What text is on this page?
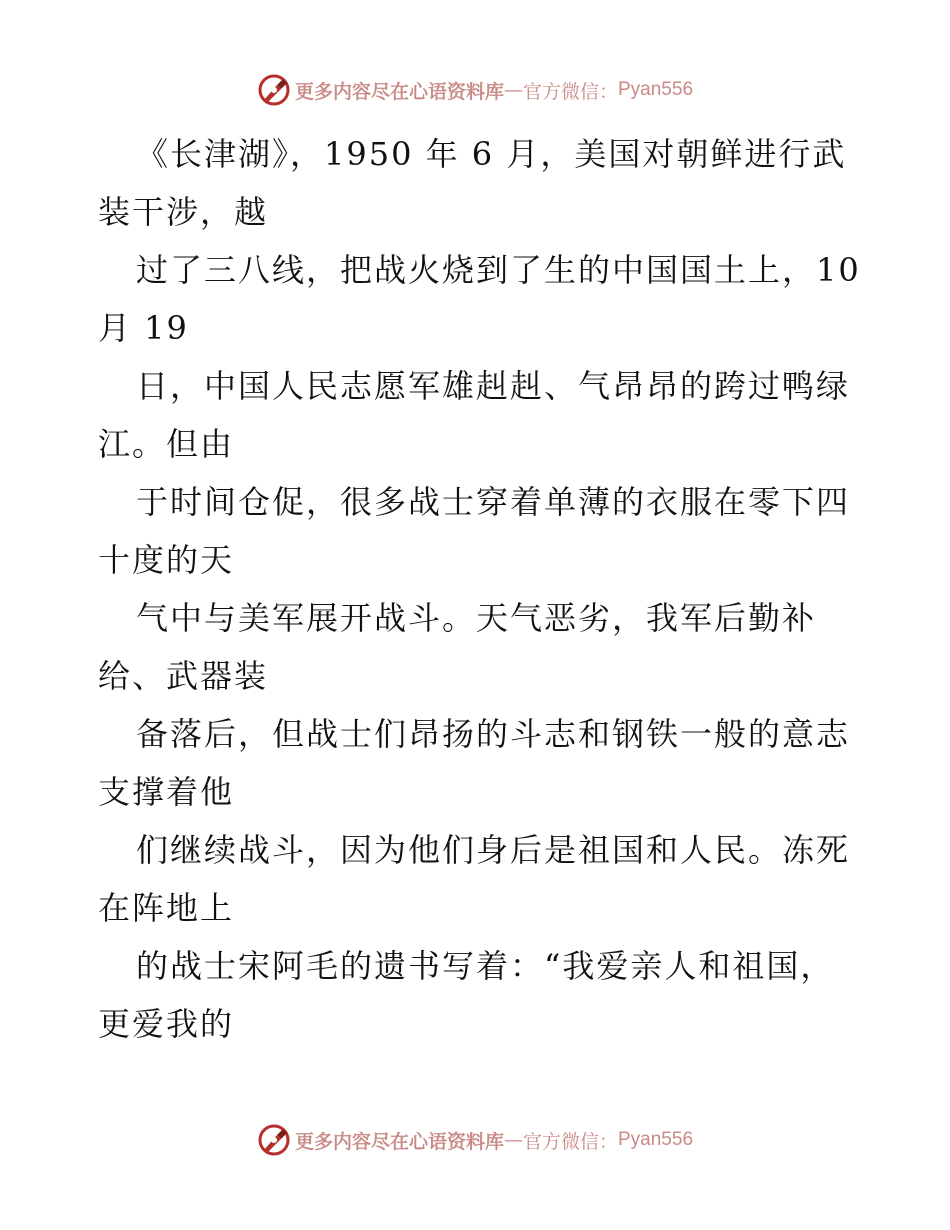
更多内容尽在心语资料库 — 官方微信： Pyan556
《长津湖》，1950 年 6 月，美国对朝鲜进行武
装干涉，越
过了三八线，把战火烧到了生的中国国土上，10
月 19
日，中国人民志愿军雄赳赳、气昂昂的跨过鸭绿
江。但由
于时间仓促，很多战士穿着单薄的衣服在零下四
十度的天
气中与美军展开战斗。天气恶劣，我军后勤补
给、武器装
备落后，但战士们昂扬的斗志和钢铁一般的意志
支撑着他
们继续战斗，因为他们身后是祖国和人民。冻死
在阵地上
的战士宋阿毛的遗书写着：“我爱亲人和祖国，
更爱我的
更多内容尽在心语资料库 — 官方微信： Pyan556
